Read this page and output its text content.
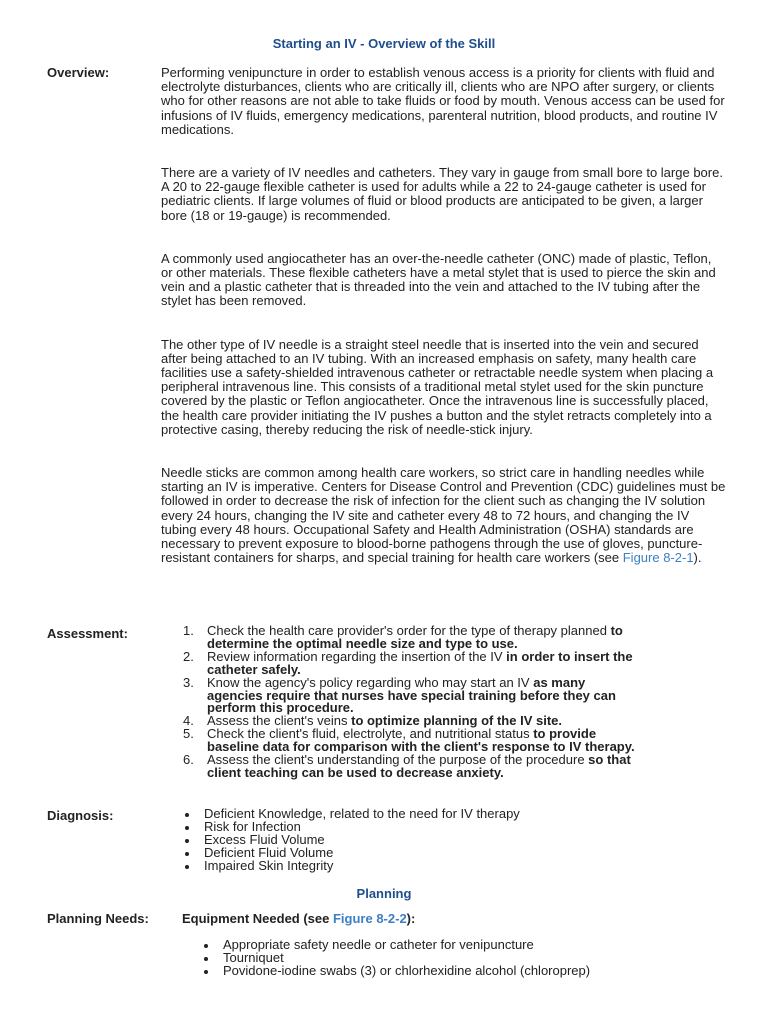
Starting an IV - Overview of the Skill
Overview:	Performing venipuncture in order to establish venous access is a priority for clients with fluid and electrolyte disturbances, clients who are critically ill, clients who are NPO after surgery, or clients who for other reasons are not able to take fluids or food by mouth. Venous access can be used for infusions of IV fluids, emergency medications, parenteral nutrition, blood products, and routine IV medications.

There are a variety of IV needles and catheters. They vary in gauge from small bore to large bore. A 20 to 22-gauge flexible catheter is used for adults while a 22 to 24-gauge catheter is used for pediatric clients. If large volumes of fluid or blood products are anticipated to be given, a larger bore (18 or 19-gauge) is recommended.

A commonly used angiocatheter has an over-the-needle catheter (ONC) made of plastic, Teflon, or other materials. These flexible catheters have a metal stylet that is used to pierce the skin and vein and a plastic catheter that is threaded into the vein and attached to the IV tubing after the stylet has been removed.

The other type of IV needle is a straight steel needle that is inserted into the vein and secured after being attached to an IV tubing. With an increased emphasis on safety, many health care facilities use a safety-shielded intravenous catheter or retractable needle system when placing a peripheral intravenous line. This consists of a traditional metal stylet used for the skin puncture covered by the plastic or Teflon angiocatheter. Once the intravenous line is successfully placed, the health care provider initiating the IV pushes a button and the stylet retracts completely into a protective casing, thereby reducing the risk of needle-stick injury.

Needle sticks are common among health care workers, so strict care in handling needles while starting an IV is imperative. Centers for Disease Control and Prevention (CDC) guidelines must be followed in order to decrease the risk of infection for the client such as changing the IV solution every 24 hours, changing the IV site and catheter every 48 to 72 hours, and changing the IV tubing every 48 hours. Occupational Safety and Health Administration (OSHA) standards are necessary to prevent exposure to blood-borne pathogens through the use of gloves, puncture-resistant containers for sharps, and special training for health care workers (see Figure 8-2-1).

Assessment:	1. Check the health care provider's order for the type of therapy planned to determine the optimal needle size and type to use.
2. Review information regarding the insertion of the IV in order to insert the catheter safely.
3. Know the agency's policy regarding who may start an IV as many agencies require that nurses have special training before they can perform this procedure.
4. Assess the client's veins to optimize planning of the IV site.
5. Check the client's fluid, electrolyte, and nutritional status to provide baseline data for comparison with the client's response to IV therapy.
6. Assess the client's understanding of the purpose of the procedure so that client teaching can be used to decrease anxiety.
Diagnosis:	Deficient Knowledge, related to the need for IV therapy
Risk for Infection
Excess Fluid Volume
Deficient Fluid Volume
Impaired Skin Integrity
Planning
Planning Needs:	Equipment Needed (see Figure 8-2-2):
Appropriate safety needle or catheter for venipuncture
Tourniquet
Povidone-iodine swabs (3) or chlorhexidine alcohol (chloroprep)
